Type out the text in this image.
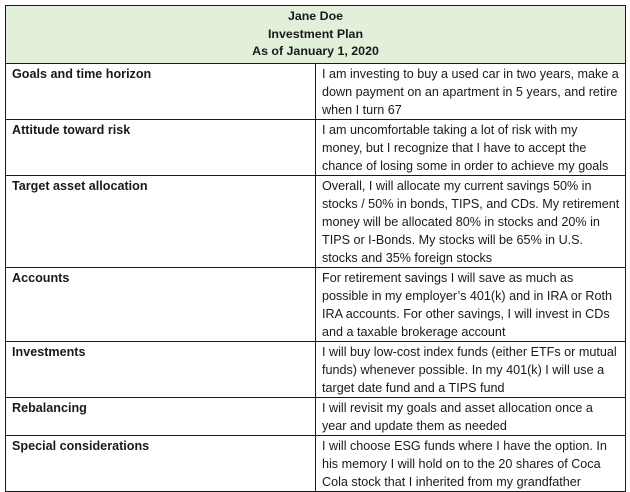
Jane Doe
Investment Plan
As of January 1, 2020	

Goals and time horizon	I am investing to buy a used car in two years, make a down payment on an apartment in 5 years, and retire when I turn 67
Attitude toward risk	I am uncomfortable taking a lot of risk with my money, but I recognize that I have to accept the chance of losing some in order to achieve my goals
Target asset allocation	Overall, I will allocate my current savings 50% in stocks / 50% in bonds, TIPS, and CDs. My retirement money will be allocated 80% in stocks and 20% in TIPS or I-Bonds. My stocks will be 65% in U.S. stocks and 35% foreign stocks
Accounts	For retirement savings I will save as much as possible in my employer’s 401(k) and in IRA or Roth IRA accounts. For other savings, I will invest in CDs and a taxable brokerage account
Investments	I will buy low-cost index funds (either ETFs or mutual funds) whenever possible. In my 401(k) I will use a target date fund and a TIPS fund
Rebalancing	I will revisit my goals and asset allocation once a year and update them as needed
Special considerations	I will choose ESG funds where I have the option. In his memory I will hold on to the 20 shares of Coca Cola stock that I inherited from my grandfather
